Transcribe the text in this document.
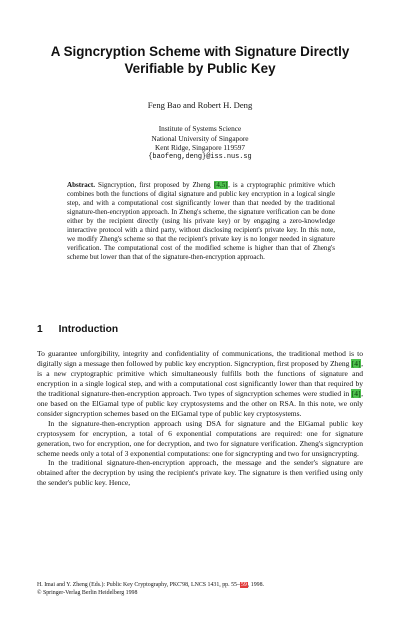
A Signcryption Scheme with Signature Directly
Verifiable by Public Key
Feng Bao and Robert H. Deng
Institute of Systems Science
National University of Singapore
Kent Ridge, Singapore 119597
{baofeng,deng}@iss.nus.sg
Abstract. Signcryption, first proposed by Zheng [4,5], is a cryptographic primitive which combines both the functions of digital signature and public key encryption in a logical single step, and with a computational cost significantly lower than that needed by the traditional signature-then-encryption approach. In Zheng's scheme, the signature verification can be done either by the recipient directly (using his private key) or by engaging a zero-knowledge interactive protocol with a third party, without disclosing recipient's private key. In this note, we modify Zheng's scheme so that the recipient's private key is no longer needed in signature verification. The computational cost of the modified scheme is higher than that of Zheng's scheme but lower than that of the signature-then-encryption approach.
1 Introduction

To guarantee unforgibility, integrity and confidentiality of communications, the traditional method is to digitally sign a message then followed by public key encryption. Signcryption, first proposed by Zheng [4], is a new cryptographic primitive which simultaneously fulfills both the functions of signature and encryption in a single logical step, and with a computational cost significantly lower than that required by the traditional signature-then-encryption approach. Two types of signcryption schemes were studied in [4], one based on the ElGamal type of public key cryptosystems and the other on RSA. In this note, we only consider signcryption schemes based on the ElGamal type of public key cryptosystems.

In the signature-then-encryption approach using DSA for signature and the ElGamal public key cryptosysem for encryption, a total of 6 exponential computations are required: one for signature generation, two for encryption, one for decryption, and two for signature verification. Zheng's signcryption scheme needs only a total of 3 exponential computations: one for signcrypting and two for unsigncrypting.

In the traditional signature-then-encryption approach, the message and the sender's signature are obtained after the decryption by using the recipient's private key. The signature is then verified using only the sender's public key. Hence,

H. Imai and Y. Zheng (Eds.): Public Key Cryptography, PKC'98, LNCS 1431, pp. 55–59, 1998.
© Springer-Verlag Berlin Heidelberg 1998
